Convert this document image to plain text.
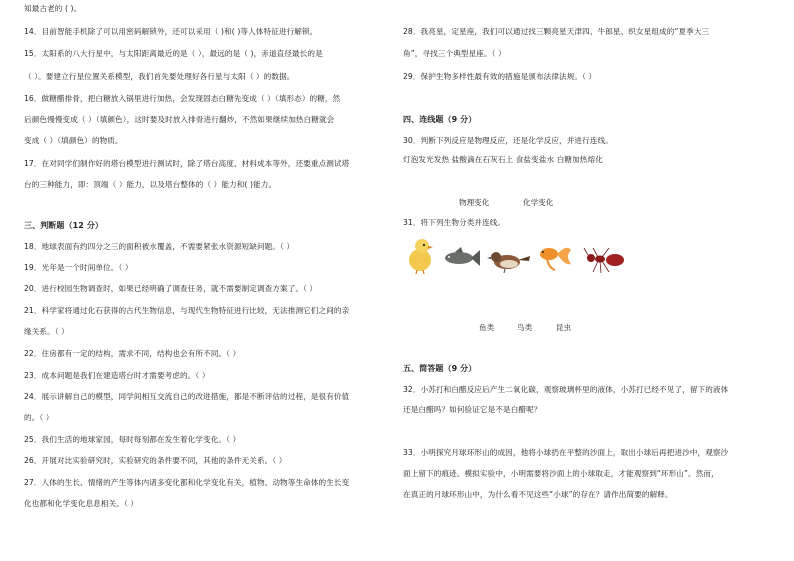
知最古老的 ( )。
14．目前智能手机除了可以用密码解锁外，还可以采用（ )和( )等人体特征进行解锁。
15．太阳系的八大行星中，与太阳距离最近的是（ ），最远的是（ )，赤道直径最长的是
（ ）。要建立行星位置关系模型，我们首先要处理好各行星与太阳（ ）的数据。
16．做糖醋排骨，把白糖放入锅里进行加热，会发现固态白糖先变成（ ）（填形态）的糖，然
后颜色慢慢变成（ ）（填颜色），这时要及时放入排骨进行翻炒，不然如果继续加热白糖就会
变成（ ）（填颜色）的物质。
17．在对同学们制作好的塔台模型进行测试时，除了塔台高度、材料成本等外，还要重点测试塔
台的三种能力，即：顶端（ ）能力，以及塔台整体的（ ）能力和( )能力。
三、判断题（12 分）
18．地球表面有约四分之三的面积被水覆盖，不需要紧张水资源短缺问题。（ ）
19．光年是一个时间单位。（ ）
20．进行校园生物调查时，如果已经明确了调查任务，就不需要制定调查方案了。（ ）
21．科学家将通过化石获得的古代生物信息，与现代生物特征进行比较，无法推测它们之间的亲
缘关系。（ ）
22．住房都有一定的结构，需求不同，结构也会有所不同。（ ）
23．成本问题是我们在建造塔台时才需要考虑的。（ ）
24．展示讲解自己的模型，同学间相互交流自己的改进措施，都是不断评估的过程，是很有价值
的。（ ）
25．我们生活的地球家园，每时每刻都在发生着化学变化。（ ）
26．开展对比实验研究时，实验研究的条件要不同，其他的条件无关系。（ ）
27．人体的生长、情绪的产生等体内诸多变化都和化学变化有关，植物、动物等生命体的生长变
化也都和化学变化息息相关。（ ）
28．我亮星，定星座，我们可以通过找三颗亮星天津四、牛郎星、织女星组成的“夏季大三
角”，寻找三个典型星座。（ ）
29．保护生物多样性最有效的措施是颁布法律法规。（ ）
四、连线题（9 分）
30．判断下列反应是物理反应，还是化学反应，并进行连线。
灯泡发光发热 盐酸滴在石灰石上 食盐变盐水 白糖加热熔化
物理变化	化学变化
31．将下列生物分类并连线。
鱼类	鸟类	昆虫
五、简答题（9 分）
32．小苏打和白醋反应后产生二氧化碳，观察玻璃杯里的液体，小苏打已经不见了，留下的液体
还是白醋吗？如何验证它是不是白醋呢？
33．小明探究月球环形山的成因，他将小球扔在平整的沙面上，取出小球后再把进沙中，观察沙
面上留下的痕迹。模拟实验中，小明需要将沙面上的小球取走，才能观察到“环形山”。然而，
在真正的月球环形山中，为什么看不见这些“小球”的存在？请作出简要的解释。
